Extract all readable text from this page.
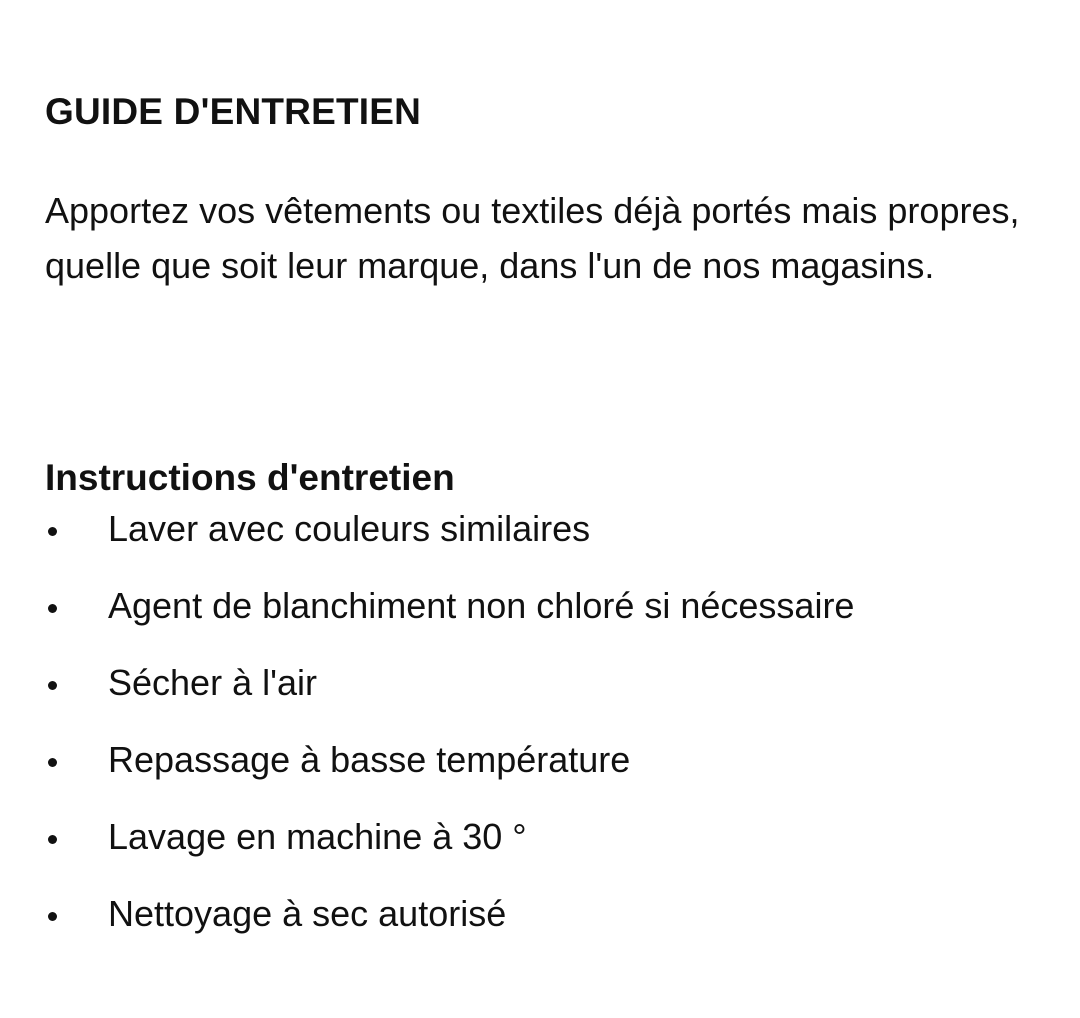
GUIDE D'ENTRETIEN

Apportez vos vêtements ou textiles déjà portés mais propres, quelle que soit leur marque, dans l'un de nos magasins.

Instructions d'entretien
Laver avec couleurs similaires
Agent de blanchiment non chloré si nécessaire
Sécher à l'air
Repassage à basse température
Lavage en machine à 30 °
Nettoyage à sec autorisé
